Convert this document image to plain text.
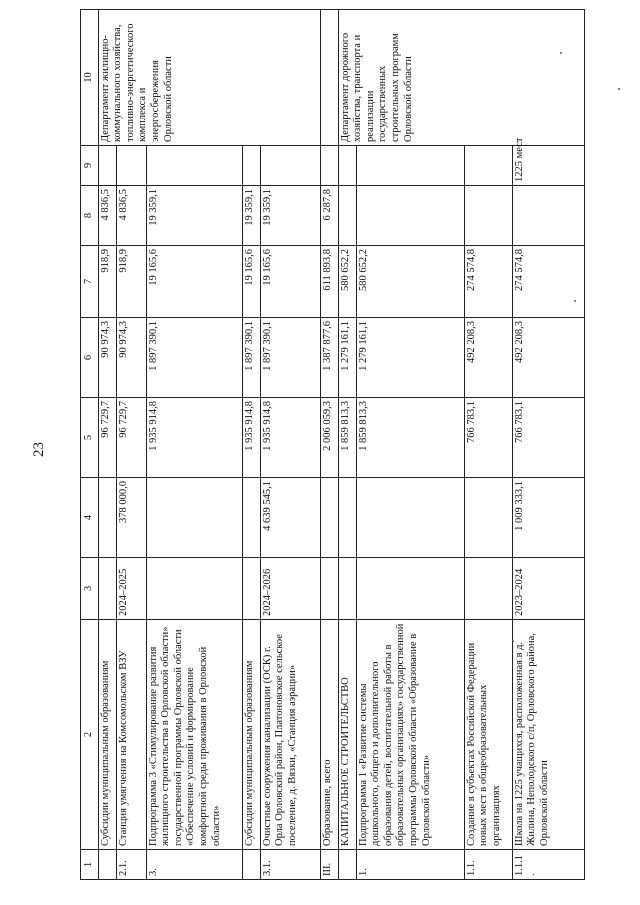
23
1	2	3	4	5	6	7	8	9	10
	Субсидии муниципальным образованиям			96 729,7	90 974,3	918,9	4 836,5		Департамент жилищно-коммунального хозяйства, топливно-энергетического комплекса и энергосбережения Орловской области
2.1.	Станция умягчения на Комсомольском ВЗУ	2024–2025	378 000,0	96 729,7	90 974,3	918,9	4 836,5		
3.	Подпрограмма 3 «Стимулирование развития жилищного строительства в Орловской области» государственной программы Орловской области «Обеспечение условий и формирование комфортной среды проживания в Орловской области»			1 935 914,8	1 897 390,1	19 165,6	19 359,1		
	Субсидии муниципальным образованиям			1 935 914,8	1 897 390,1	19 165,6	19 359,1		
3.1.	Очистные сооружения канализации (ОСК) г. Орла Орловский район, Платоновское сельское поселение, д. Вязки, «Станция аэрации»	2024–2026	4 639 545,1	1 935 914,8	1 897 390,1	19 165,6	19 359,1		
III.	Образование, всего			2 006 059,3	1 387 877,6	611 893,8	6 287,8		
	КАПИТАЛЬНОЕ СТРОИТЕЛЬСТВО			1 859 813,3	1 279 161,1	580 652,2			Департамент дорожного хозяйства, транспорта и реализации государственных строительных программ Орловской области
1.	Подпрограмма 1 «Развитие системы дошкольного, общего и дополнительного образования детей, воспитательной работы в образовательных организациях» государственной программы Орловской области «Образование в Орловской области»			1 859 813,3	1 279 161,1	580 652,2			
1.1.	Создание в субъектах Российской Федерации новых мест в общеобразовательных организациях			766 783,1	492 208,3	274 574,8			
1.1.1.	Школа на 1225 учащихся, расположенная в д. Жилина, Неполодского с/п, Орловского района, Орловской области	2023–2024	1 009 333,1	766 783,1	492 208,3	274 574,8		1225 мест	
